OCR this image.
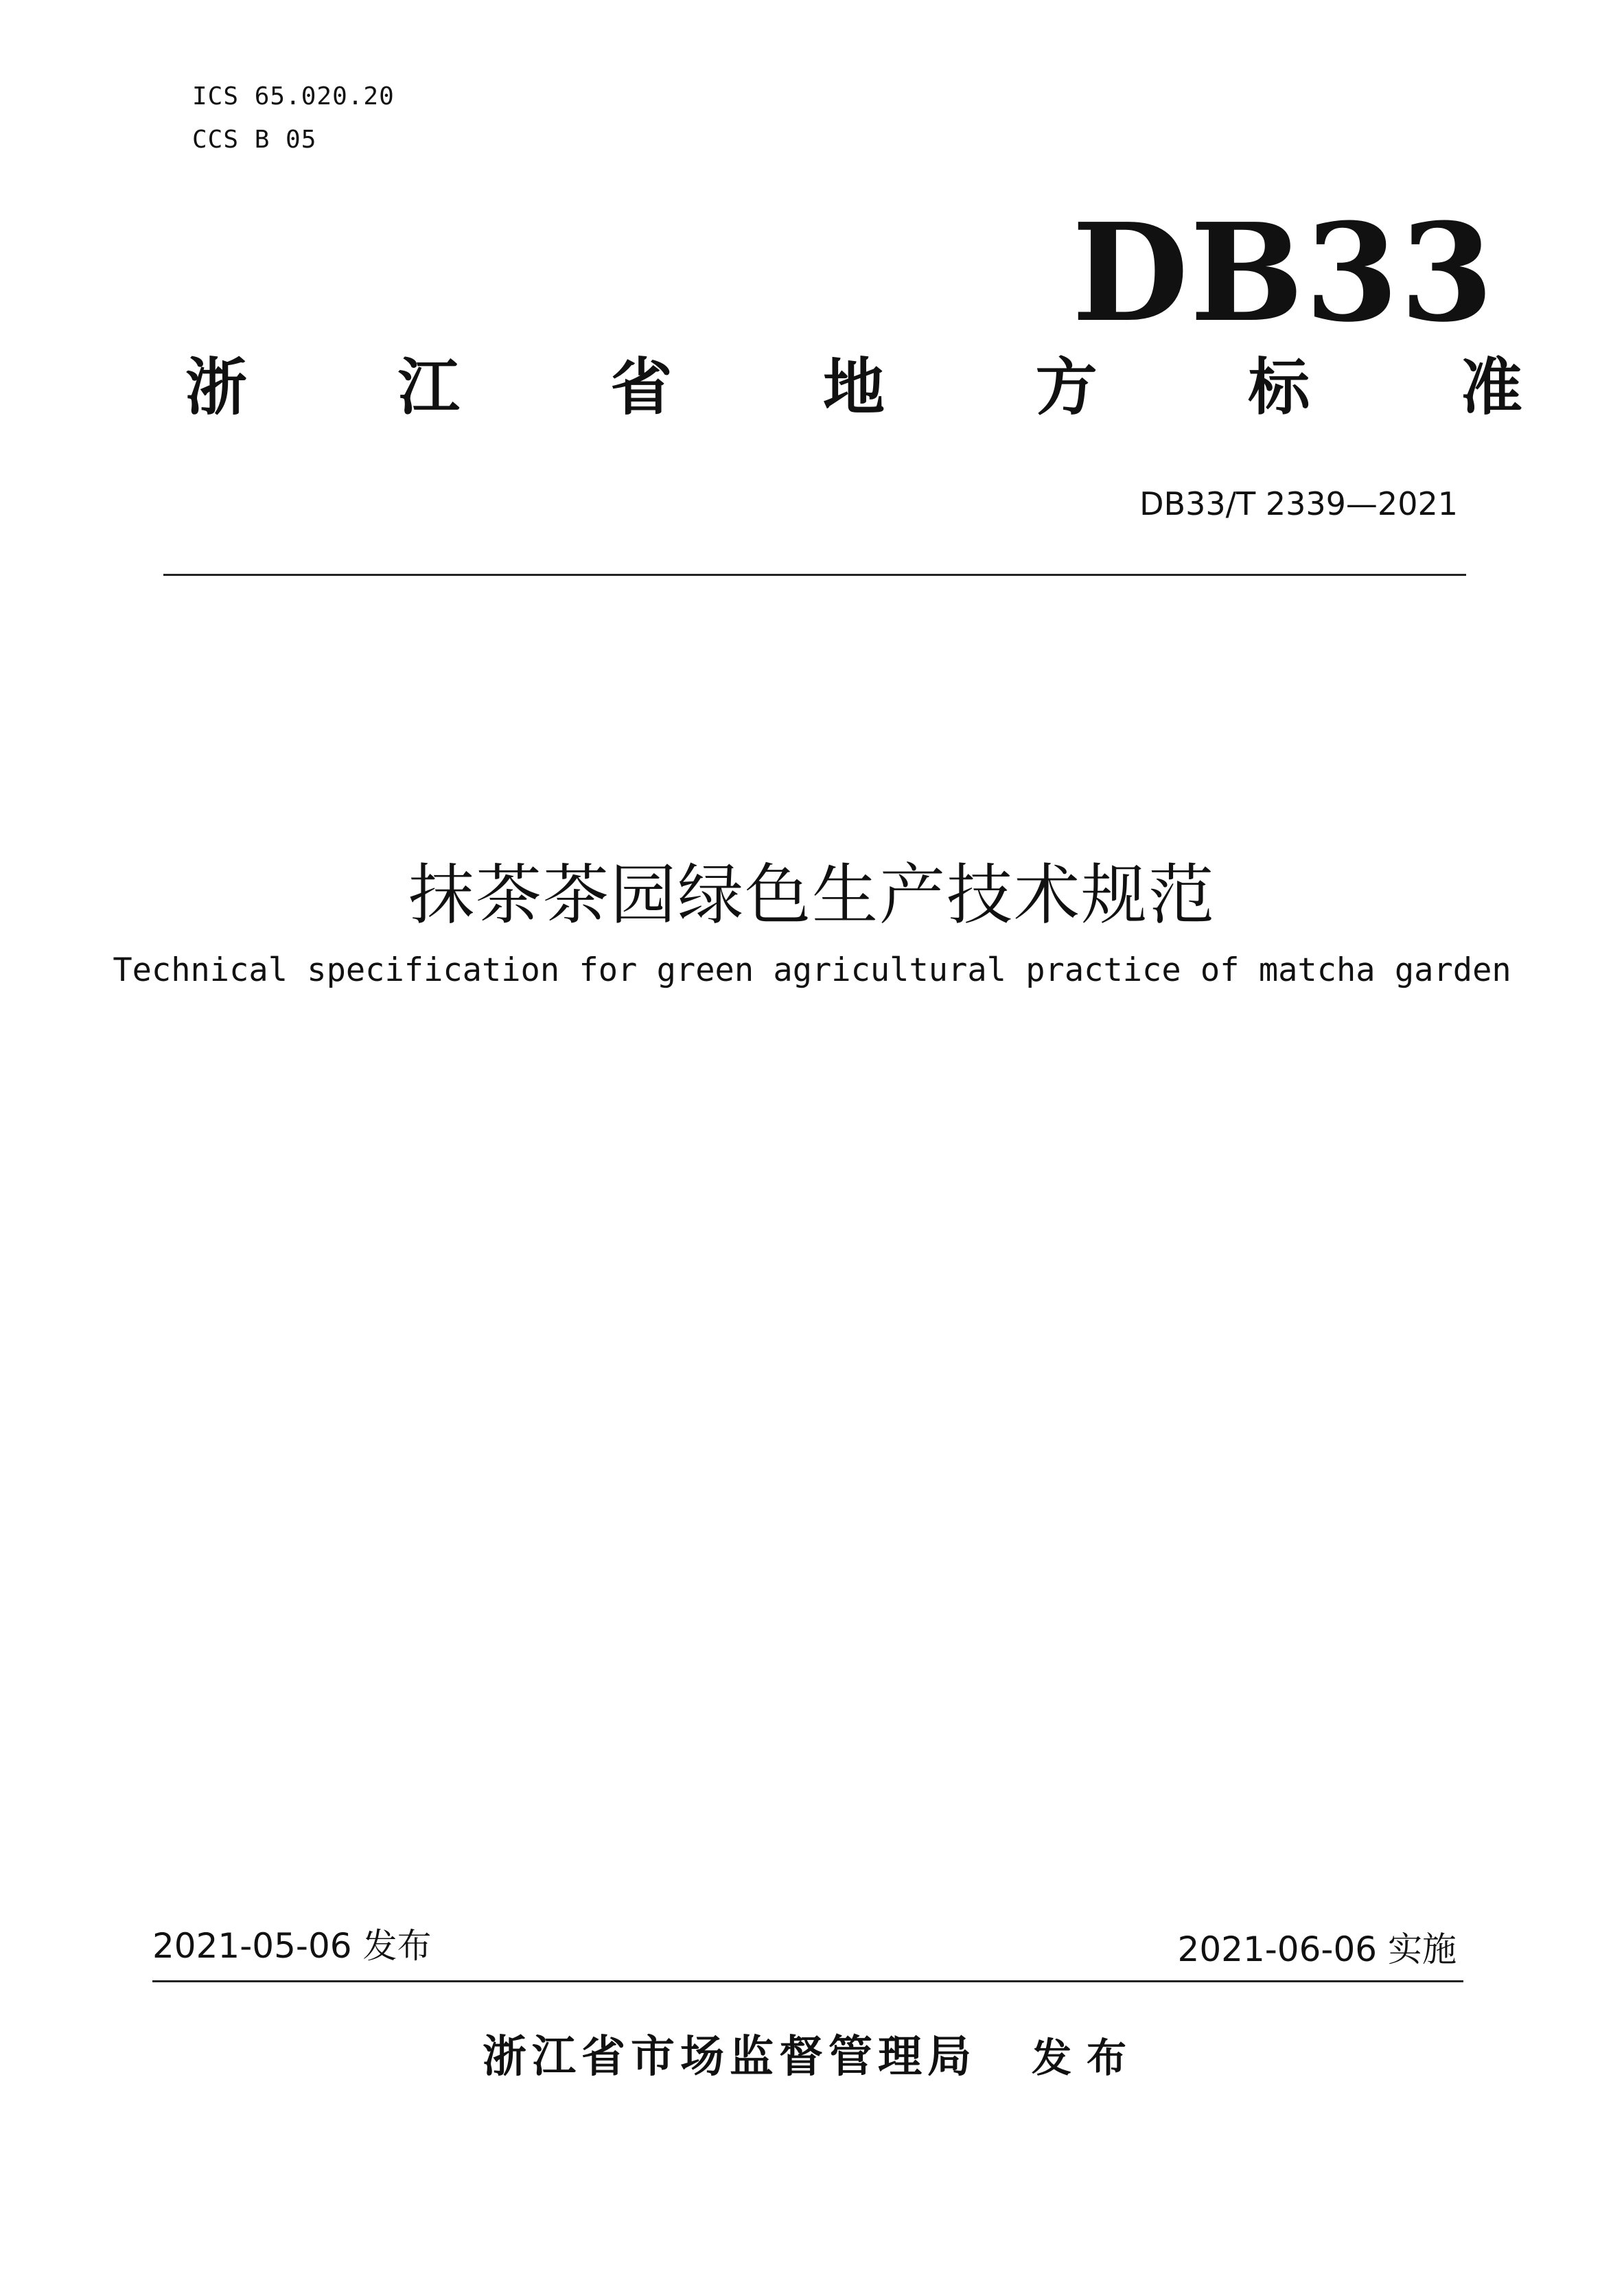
ICS 65.020.20
CCS B 05
DB33
浙 江 省 地 方 标 准
DB33/T 2339—2021
抹茶茶园绿色生产技术规范
Technical specification for green agricultural practice of matcha garden
2021-05-06 发布	2021-06-06 实施
浙江省市场监督管理局 发布
